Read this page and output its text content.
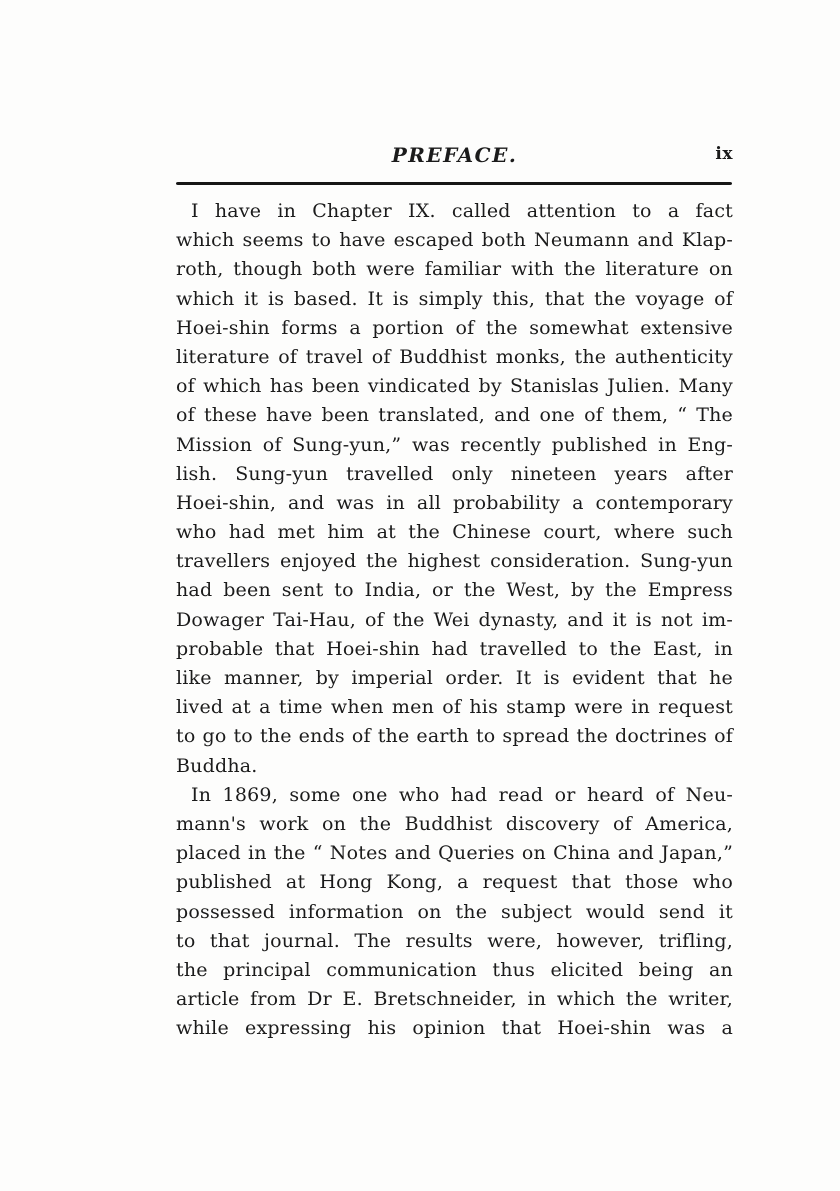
PREFACE.	ix
I have in Chapter IX. called attention to a fact
which seems to have escaped both Neumann and Klap-
roth, though both were familiar with the literature on
which it is based. It is simply this, that the voyage of
Hoei-shin forms a portion of the somewhat extensive
literature of travel of Buddhist monks, the authenticity
of which has been vindicated by Stanislas Julien. Many
of these have been translated, and one of them, “ The
Mission of Sung-yun,” was recently published in Eng-
lish. Sung-yun travelled only nineteen years after
Hoei-shin, and was in all probability a contemporary
who had met him at the Chinese court, where such
travellers enjoyed the highest consideration. Sung-yun
had been sent to India, or the West, by the Empress
Dowager Tai-Hau, of the Wei dynasty, and it is not im-
probable that Hoei-shin had travelled to the East, in
like manner, by imperial order. It is evident that he
lived at a time when men of his stamp were in request
to go to the ends of the earth to spread the doctrines of
Buddha.
In 1869, some one who had read or heard of Neu-
mann's work on the Buddhist discovery of America,
placed in the “ Notes and Queries on China and Japan,”
published at Hong Kong, a request that those who
possessed information on the subject would send it
to that journal. The results were, however, trifling,
the principal communication thus elicited being an
article from Dr E. Bretschneider, in which the writer,
while expressing his opinion that Hoei-shin was a
